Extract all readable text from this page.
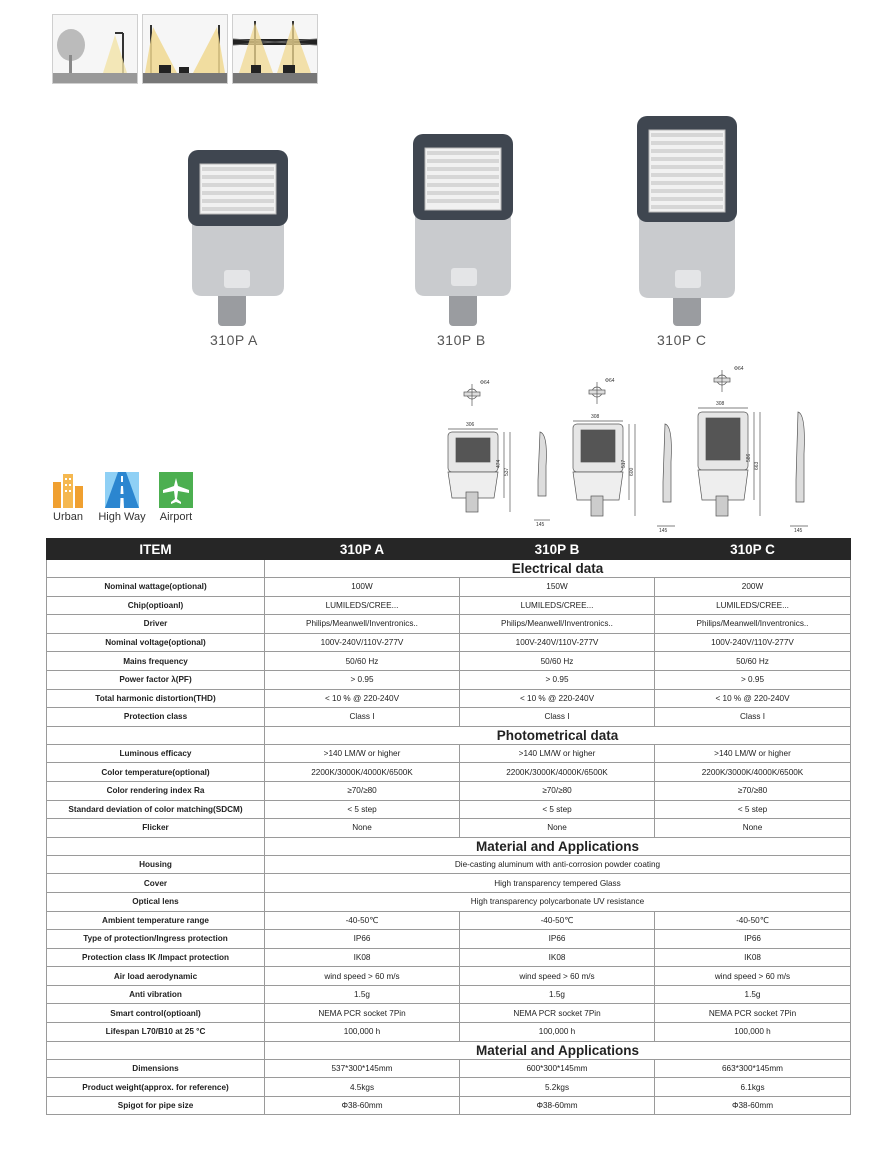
310P A	310P B	310P C
Φ64
306
474
537
145
Φ64
308
517
600
145
Φ64
308
586
663
145
Urban High Way Airport
ITEM	310P A	310P B	310P C
	Electrical data		
Nominal wattage(optional)	100W	150W	200W
Chip(optioanl)	LUMILEDS/CREE...	LUMILEDS/CREE...	LUMILEDS/CREE...
Driver	Philips/Meanwell/Inventronics..	Philips/Meanwell/Inventronics..	Philips/Meanwell/Inventronics..
Nominal voltage(optional)	100V-240V/110V-277V	100V-240V/110V-277V	100V-240V/110V-277V
Mains frequency	50/60 Hz	50/60 Hz	50/60 Hz
Power factor λ(PF)	> 0.95	> 0.95	> 0.95
Total harmonic distortion(THD)	< 10 % @ 220-240V	< 10 % @ 220-240V	< 10 % @ 220-240V
Protection class	Class I	Class I	Class I
	Photometrical data		
Luminous efficacy	>140 LM/W or higher	>140 LM/W or higher	>140 LM/W or higher
Color temperature(optional)	2200K/3000K/4000K/6500K	2200K/3000K/4000K/6500K	2200K/3000K/4000K/6500K
Color rendering index Ra	≥70/≥80	≥70/≥80	≥70/≥80
Standard deviation of color matching(SDCM)	< 5 step	< 5 step	< 5 step
Flicker	None	None	None
	Material and Applications		
Housing	Die-casting aluminum with anti-corrosion powder coating		
Cover	High transparency tempered Glass		
Optical lens	High transparency polycarbonate UV resistance		
Ambient temperature range	-40-50℃	-40-50℃	-40-50℃
Type of protection/Ingress protection	IP66	IP66	IP66
Protection class IK /Impact protection	IK08	IK08	IK08
Air load aerodynamic	wind speed > 60 m/s	wind speed > 60 m/s	wind speed > 60 m/s
Anti vibration	1.5g	1.5g	1.5g
Smart control(optioanl)	NEMA PCR socket 7Pin	NEMA PCR socket 7Pin	NEMA PCR socket 7Pin
Lifespan L70/B10 at 25 °C	100,000 h	100,000 h	100,000 h
	Material and Applications		
Dimensions	537*300*145mm	600*300*145mm	663*300*145mm
Product weight(approx. for reference)	4.5kgs	5.2kgs	6.1kgs
Spigot for pipe size	Φ38-60mm	Φ38-60mm	Φ38-60mm
